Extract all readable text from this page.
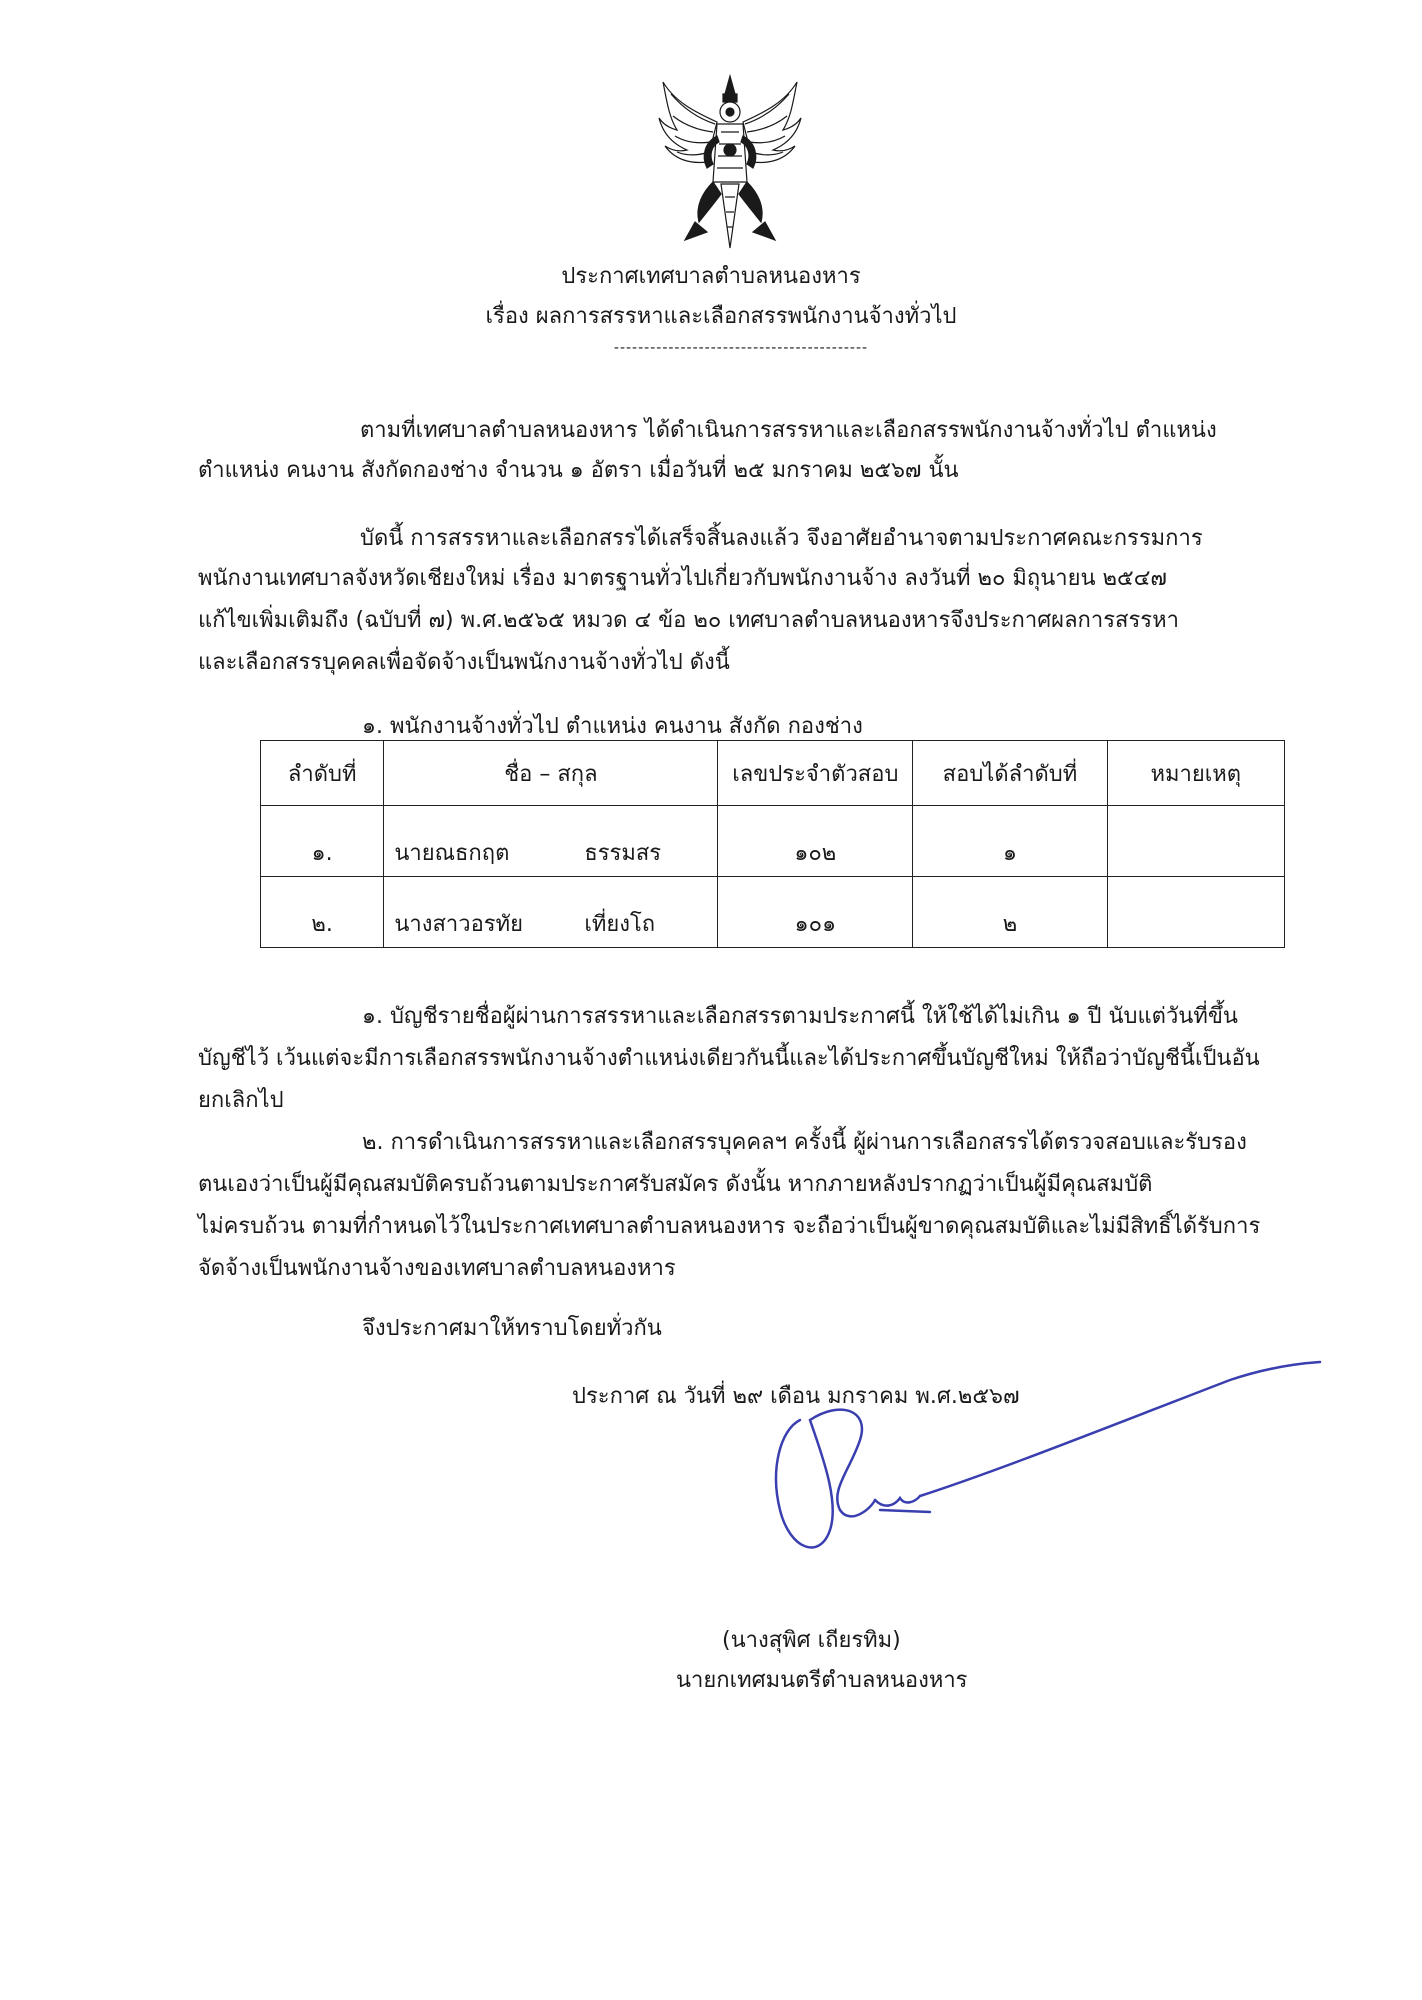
ประกาศเทศบาลตำบลหนองหาร
เรื่อง ผลการสรรหาและเลือกสรรพนักงานจ้างทั่วไป
------------------------------------------
ตามที่เทศบาลตำบลหนองหาร ได้ดำเนินการสรรหาและเลือกสรรพนักงานจ้างทั่วไป ตำแหน่ง
ตำแหน่ง คนงาน สังกัดกองช่าง จำนวน ๑ อัตรา เมื่อวันที่ ๒๕ มกราคม ๒๕๖๗ นั้น
บัดนี้ การสรรหาและเลือกสรรได้เสร็จสิ้นลงแล้ว จึงอาศัยอำนาจตามประกาศคณะกรรมการ
พนักงานเทศบาลจังหวัดเชียงใหม่ เรื่อง มาตรฐานทั่วไปเกี่ยวกับพนักงานจ้าง ลงวันที่ ๒๐ มิถุนายน ๒๕๔๗
แก้ไขเพิ่มเติมถึง (ฉบับที่ ๗) พ.ศ.๒๕๖๕ หมวด ๔ ข้อ ๒๐ เทศบาลตำบลหนองหารจึงประกาศผลการสรรหา
และเลือกสรรบุคคลเพื่อจัดจ้างเป็นพนักงานจ้างทั่วไป ดังนี้
๑. พนักงานจ้างทั่วไป ตำแหน่ง คนงาน สังกัด กองช่าง
ลำดับที่	ชื่อ – สกุล	เลขประจำตัวสอบ	สอบได้ลำดับที่	หมายเหตุ
๑.	นายณธกฤต ธรรมสร	๑๐๒	๑	
๒.	นางสาวอรทัย เที่ยงโถ	๑๐๑	๒	
๑. บัญชีรายชื่อผู้ผ่านการสรรหาและเลือกสรรตามประกาศนี้ ให้ใช้ได้ไม่เกิน ๑ ปี นับแต่วันที่ขึ้น
บัญชีไว้ เว้นแต่จะมีการเลือกสรรพนักงานจ้างตำแหน่งเดียวกันนี้และได้ประกาศขึ้นบัญชีใหม่ ให้ถือว่าบัญชีนี้เป็นอัน
ยกเลิกไป
๒. การดำเนินการสรรหาและเลือกสรรบุคคลฯ ครั้งนี้ ผู้ผ่านการเลือกสรรได้ตรวจสอบและรับรอง
ตนเองว่าเป็นผู้มีคุณสมบัติครบถ้วนตามประกาศรับสมัคร ดังนั้น หากภายหลังปรากฏว่าเป็นผู้มีคุณสมบัติ
ไม่ครบถ้วน ตามที่กำหนดไว้ในประกาศเทศบาลตำบลหนองหาร จะถือว่าเป็นผู้ขาดคุณสมบัติและไม่มีสิทธิ์ได้รับการ
จัดจ้างเป็นพนักงานจ้างของเทศบาลตำบลหนองหาร
จึงประกาศมาให้ทราบโดยทั่วกัน
ประกาศ ณ วันที่ ๒๙ เดือน มกราคม พ.ศ.๒๕๖๗
(นางสุพิศ เถียรทิม)
นายกเทศมนตรีตำบลหนองหาร
